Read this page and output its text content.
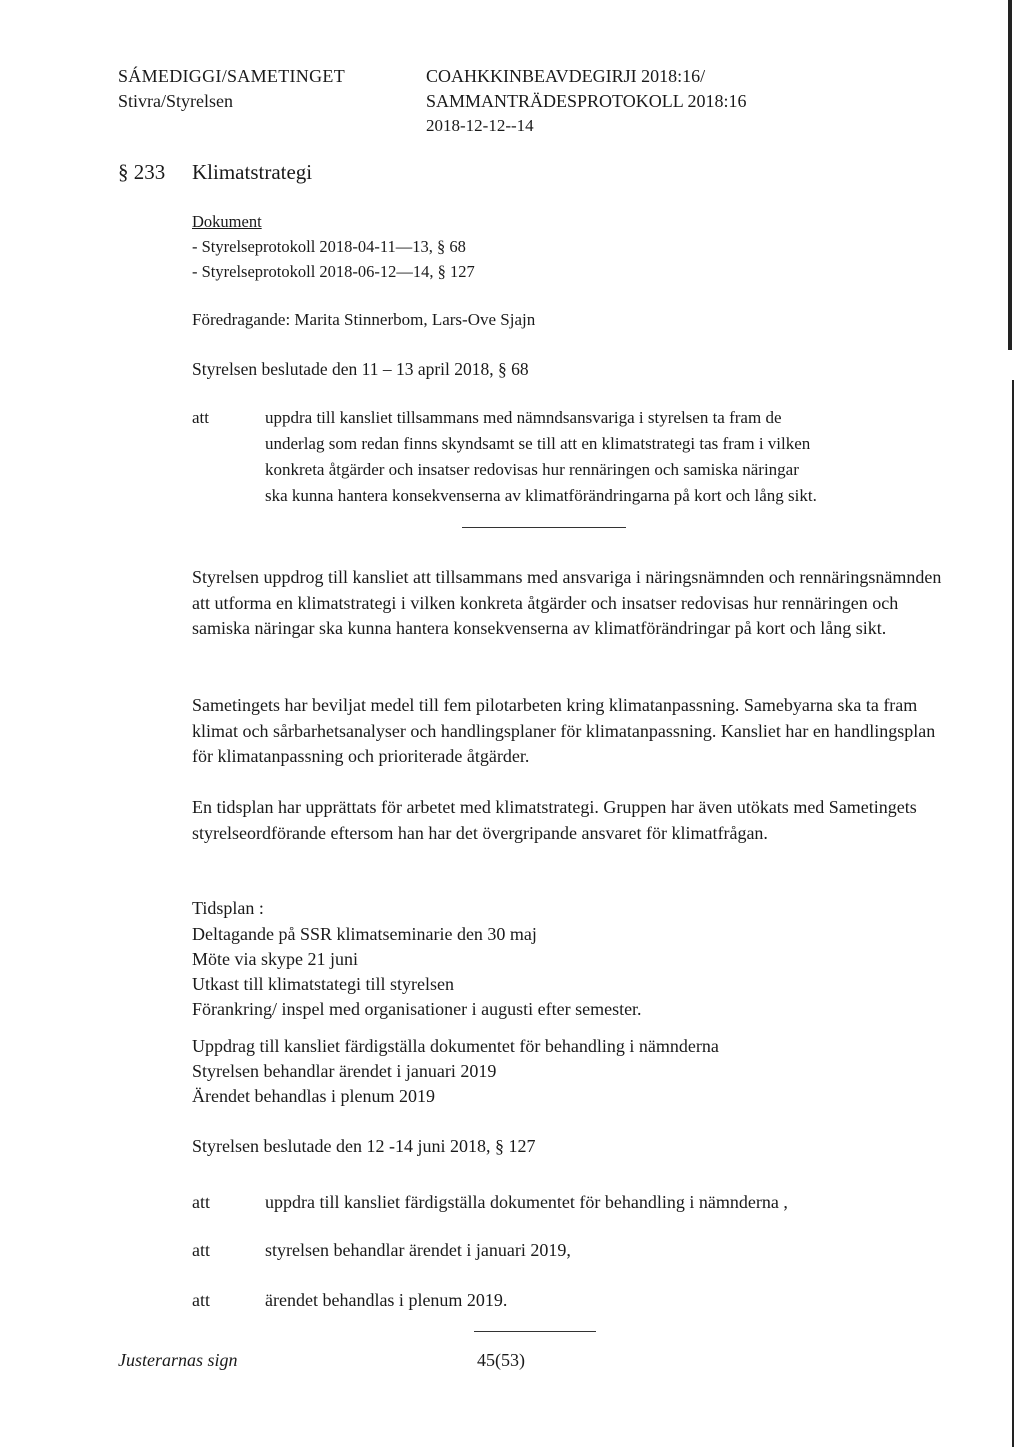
SÁMEDIGGI/SAMETINGET
Stivra/Styrelsen
COAHKKINBEAVDEGIRJI 2018:16/
SAMMANTRÄDESPROTOKOLL 2018:16
2018-12-12--14
§ 233 Klimatstrategi
Dokument
- Styrelseprotokoll 2018-04-11—13, § 68
- Styrelseprotokoll 2018-06-12—14, § 127
Föredragande: Marita Stinnerbom, Lars-Ove Sjajn
Styrelsen beslutade den 11 – 13 april 2018, § 68
att	uppdra till kansliet tillsammans med nämndsansvariga i styrelsen ta fram de
underlag som redan finns skyndsamt se till att en klimatstrategi tas fram i vilken
konkreta åtgärder och insatser redovisas hur rennäringen och samiska näringar
ska kunna hantera konsekvenserna av klimatförändringarna på kort och lång sikt.

Styrelsen uppdrog till kansliet att tillsammans med ansvariga i näringsnämnden och rennäringsnämnden att utforma en klimatstrategi i vilken konkreta åtgärder och insatser redovisas hur rennäringen och samiska näringar ska kunna hantera konsekvenserna av klimatförändringar på kort och lång sikt.

Sametingets har beviljat medel till fem pilotarbeten kring klimatanpassning. Samebyarna ska ta fram klimat och sårbarhetsanalyser och handlingsplaner för klimatanpassning. Kansliet har en handlingsplan för klimatanpassning och prioriterade åtgärder.

En tidsplan har upprättats för arbetet med klimatstrategi. Gruppen har även utökats med Sametingets styrelseordförande eftersom han har det övergripande ansvaret för klimatfrågan.

Tidsplan :
Deltagande på SSR klimatseminarie den 30 maj
Möte via skype 21 juni
Utkast till klimatstategi till styrelsen
Förankring/ inspel med organisationer i augusti efter semester.
Uppdrag till kansliet färdigställa dokumentet för behandling i nämnderna
Styrelsen behandlar ärendet i januari 2019
Ärendet behandlas i plenum 2019
Styrelsen beslutade den 12 -14 juni 2018, § 127
att	uppdra till kansliet färdigställa dokumentet för behandling i nämnderna ,
att	styrelsen behandlar ärendet i januari 2019,
att	ärendet behandlas i plenum 2019.
Justerarnas sign	45(53)
